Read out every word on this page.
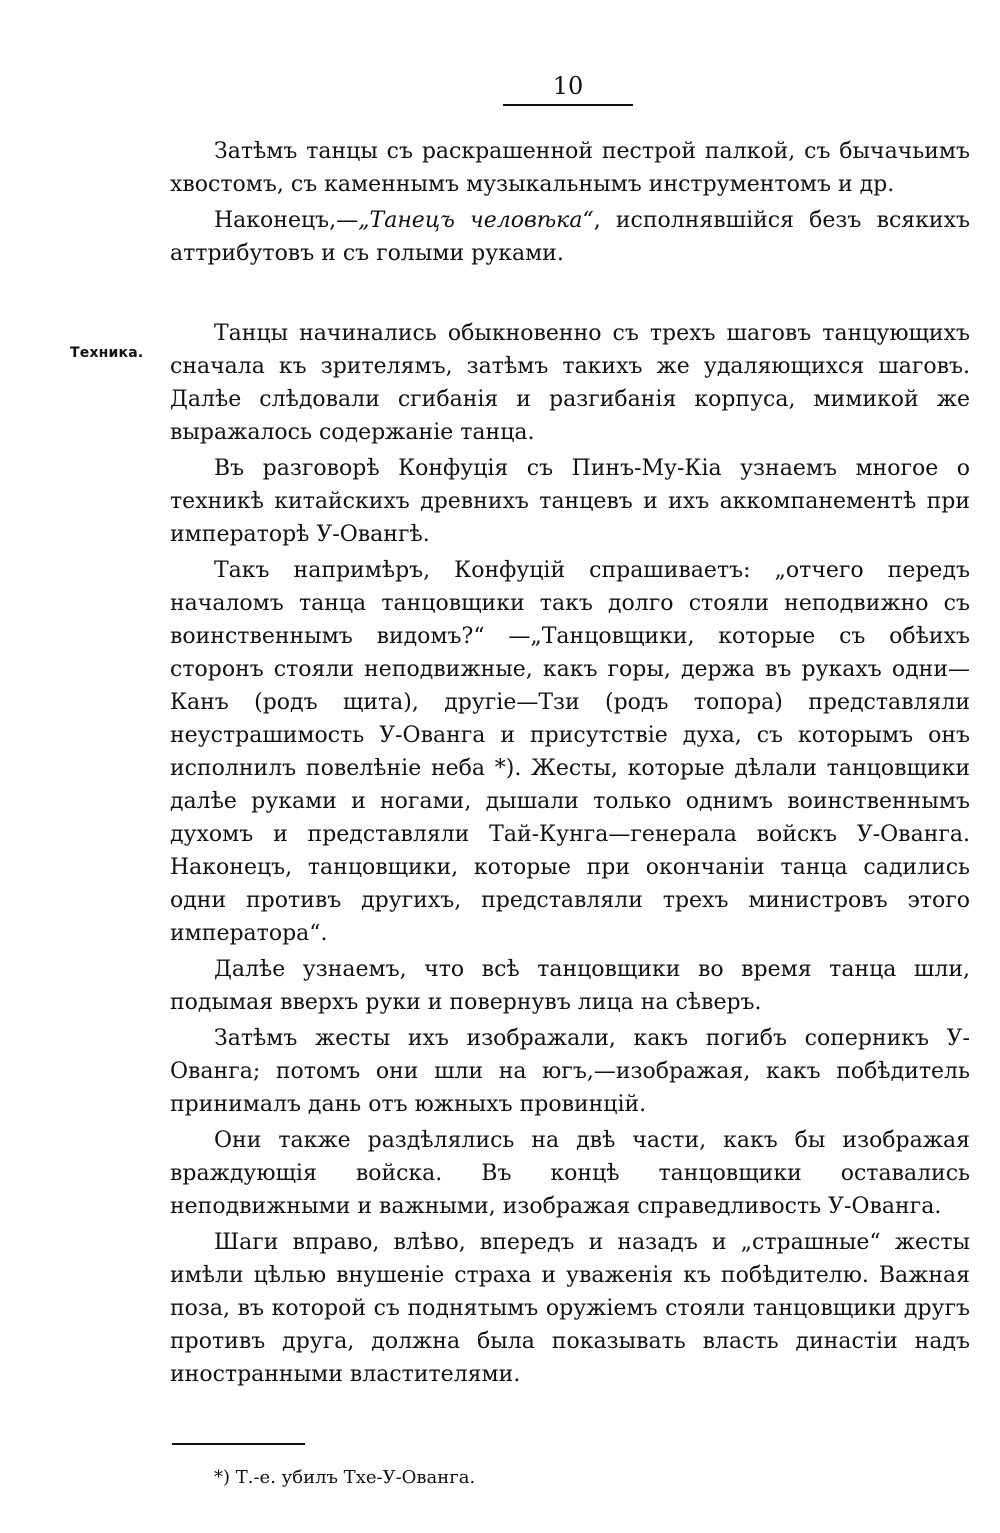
10
Техника.

Затѣмъ танцы съ раскрашенной пестрой палкой, съ бычачьимъ хвостомъ, съ каменнымъ музыкальнымъ инструментомъ и др.

Наконецъ,—„Танецъ человѣка“, исполнявшійся безъ всякихъ аттрибутовъ и съ голыми руками.

Танцы начинались обыкновенно съ трехъ шаговъ танцующихъ сначала къ зрителямъ, затѣмъ такихъ же удаляющихся шаговъ. Далѣе слѣдовали сгибанія и разгибанія корпуса, мимикой же выражалось содержаніе танца.

Въ разговорѣ Конфуція съ Пинъ-Му-Кіа узнаемъ многое о техникѣ китайскихъ древнихъ танцевъ и ихъ аккомпанементѣ при императорѣ У-Овангѣ.

Такъ напримѣръ, Конфуцій спрашиваетъ: „отчего передъ началомъ танца танцовщики такъ долго стояли неподвижно съ воинственнымъ видомъ?“ —„Танцовщики, которые съ обѣихъ сторонъ стояли неподвижные, какъ горы, держа въ рукахъ одни—Канъ (родъ щита), другіе—Тзи (родъ топора) представляли неустрашимость У-Ованга и присутствіе духа, съ которымъ онъ исполнилъ повелѣніе неба *). Жесты, которые дѣлали танцовщики далѣе руками и ногами, дышали только однимъ воинственнымъ духомъ и представляли Тай-Кунга—генерала войскъ У-Ованга. Наконецъ, танцовщики, которые при окончаніи танца садились одни противъ другихъ, представляли трехъ министровъ этого императора“.

Далѣе узнаемъ, что всѣ танцовщики во время танца шли, подымая вверхъ руки и повернувъ лица на сѣверъ.

Затѣмъ жесты ихъ изображали, какъ погибъ соперникъ У-Ованга; потомъ они шли на югъ,—изображая, какъ побѣдитель принималъ дань отъ южныхъ провинцій.

Они также раздѣлялись на двѣ части, какъ бы изображая враждующія войска. Въ концѣ танцовщики оставались неподвижными и важными, изображая справедливость У-Ованга.

Шаги вправо, влѣво, впередъ и назадъ и „страшные“ жесты имѣли цѣлью внушеніе страха и уваженія къ побѣдителю. Важная поза, въ которой съ поднятымъ оружіемъ стояли танцовщики другъ противъ друга, должна была показывать власть династіи надъ иностранными властителями.

*) Т.-е. убилъ Тхе-У-Ованга.
